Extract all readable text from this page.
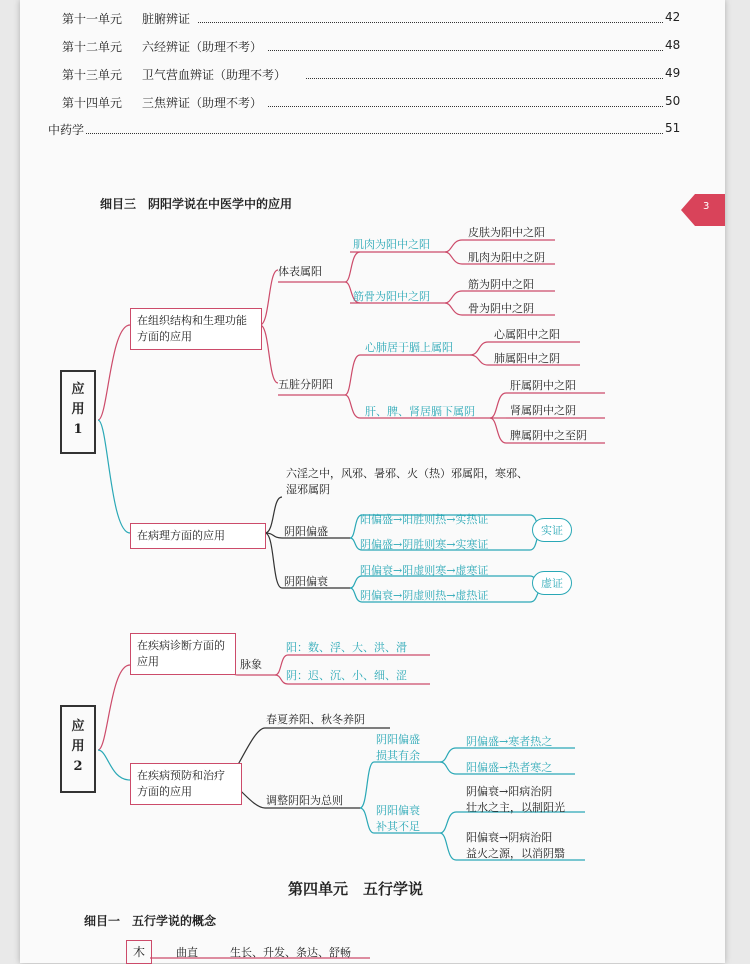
第十一单元 脏腑辨证	42
第十二单元 六经辨证（助理不考）	48
第十三单元 卫气营血辨证（助理不考）	49
第十四单元 三焦辨证（助理不考）	50
中药学	51
细目三　阴阳学说在中医学中的应用	3
应
用
1
在组织结构和生理功能方面的应用
体表属阳
肌肉为阳中之阳
筋骨为阳中之阴
皮肤为阳中之阳
肌肉为阳中之阴
筋为阴中之阳
骨为阴中之阴
五脏分阴阳
心肺居于膈上属阳
心属阳中之阳
肺属阳中之阴
肝、脾、肾居膈下属阴
肝属阴中之阳
肾属阴中之阴
脾属阴中之至阴
六淫之中，风邪、暑邪、火（热）邪属阳，寒邪、湿邪属阴
在病理方面的应用	阴阳偏盛
阳偏盛→阳胜则热→实热证
阴偏盛→阴胜则寒→实寒证
实证
阴阳偏衰
阳偏衰→阳虚则寒→虚寒证
阴偏衰→阴虚则热→虚热证
虚证
应
用
2
在疾病诊断方面的应用	脉象
阳：数、浮、大、洪、滑
阴：迟、沉、小、细、涩
在疾病预防和治疗方面的应用
春夏养阳、秋冬养阴
调整阴阳为总则
阴阳偏盛
损其有余
阴偏盛→寒者热之
阳偏盛→热者寒之
阴阳偏衰
补其不足
阴偏衰→阳病治阴
壮水之主，以制阳光
阳偏衰→阴病治阳
益火之源，以消阴翳
第四单元　五行学说
细目一　五行学说的概念
木	曲直	生长、升发、条达、舒畅
